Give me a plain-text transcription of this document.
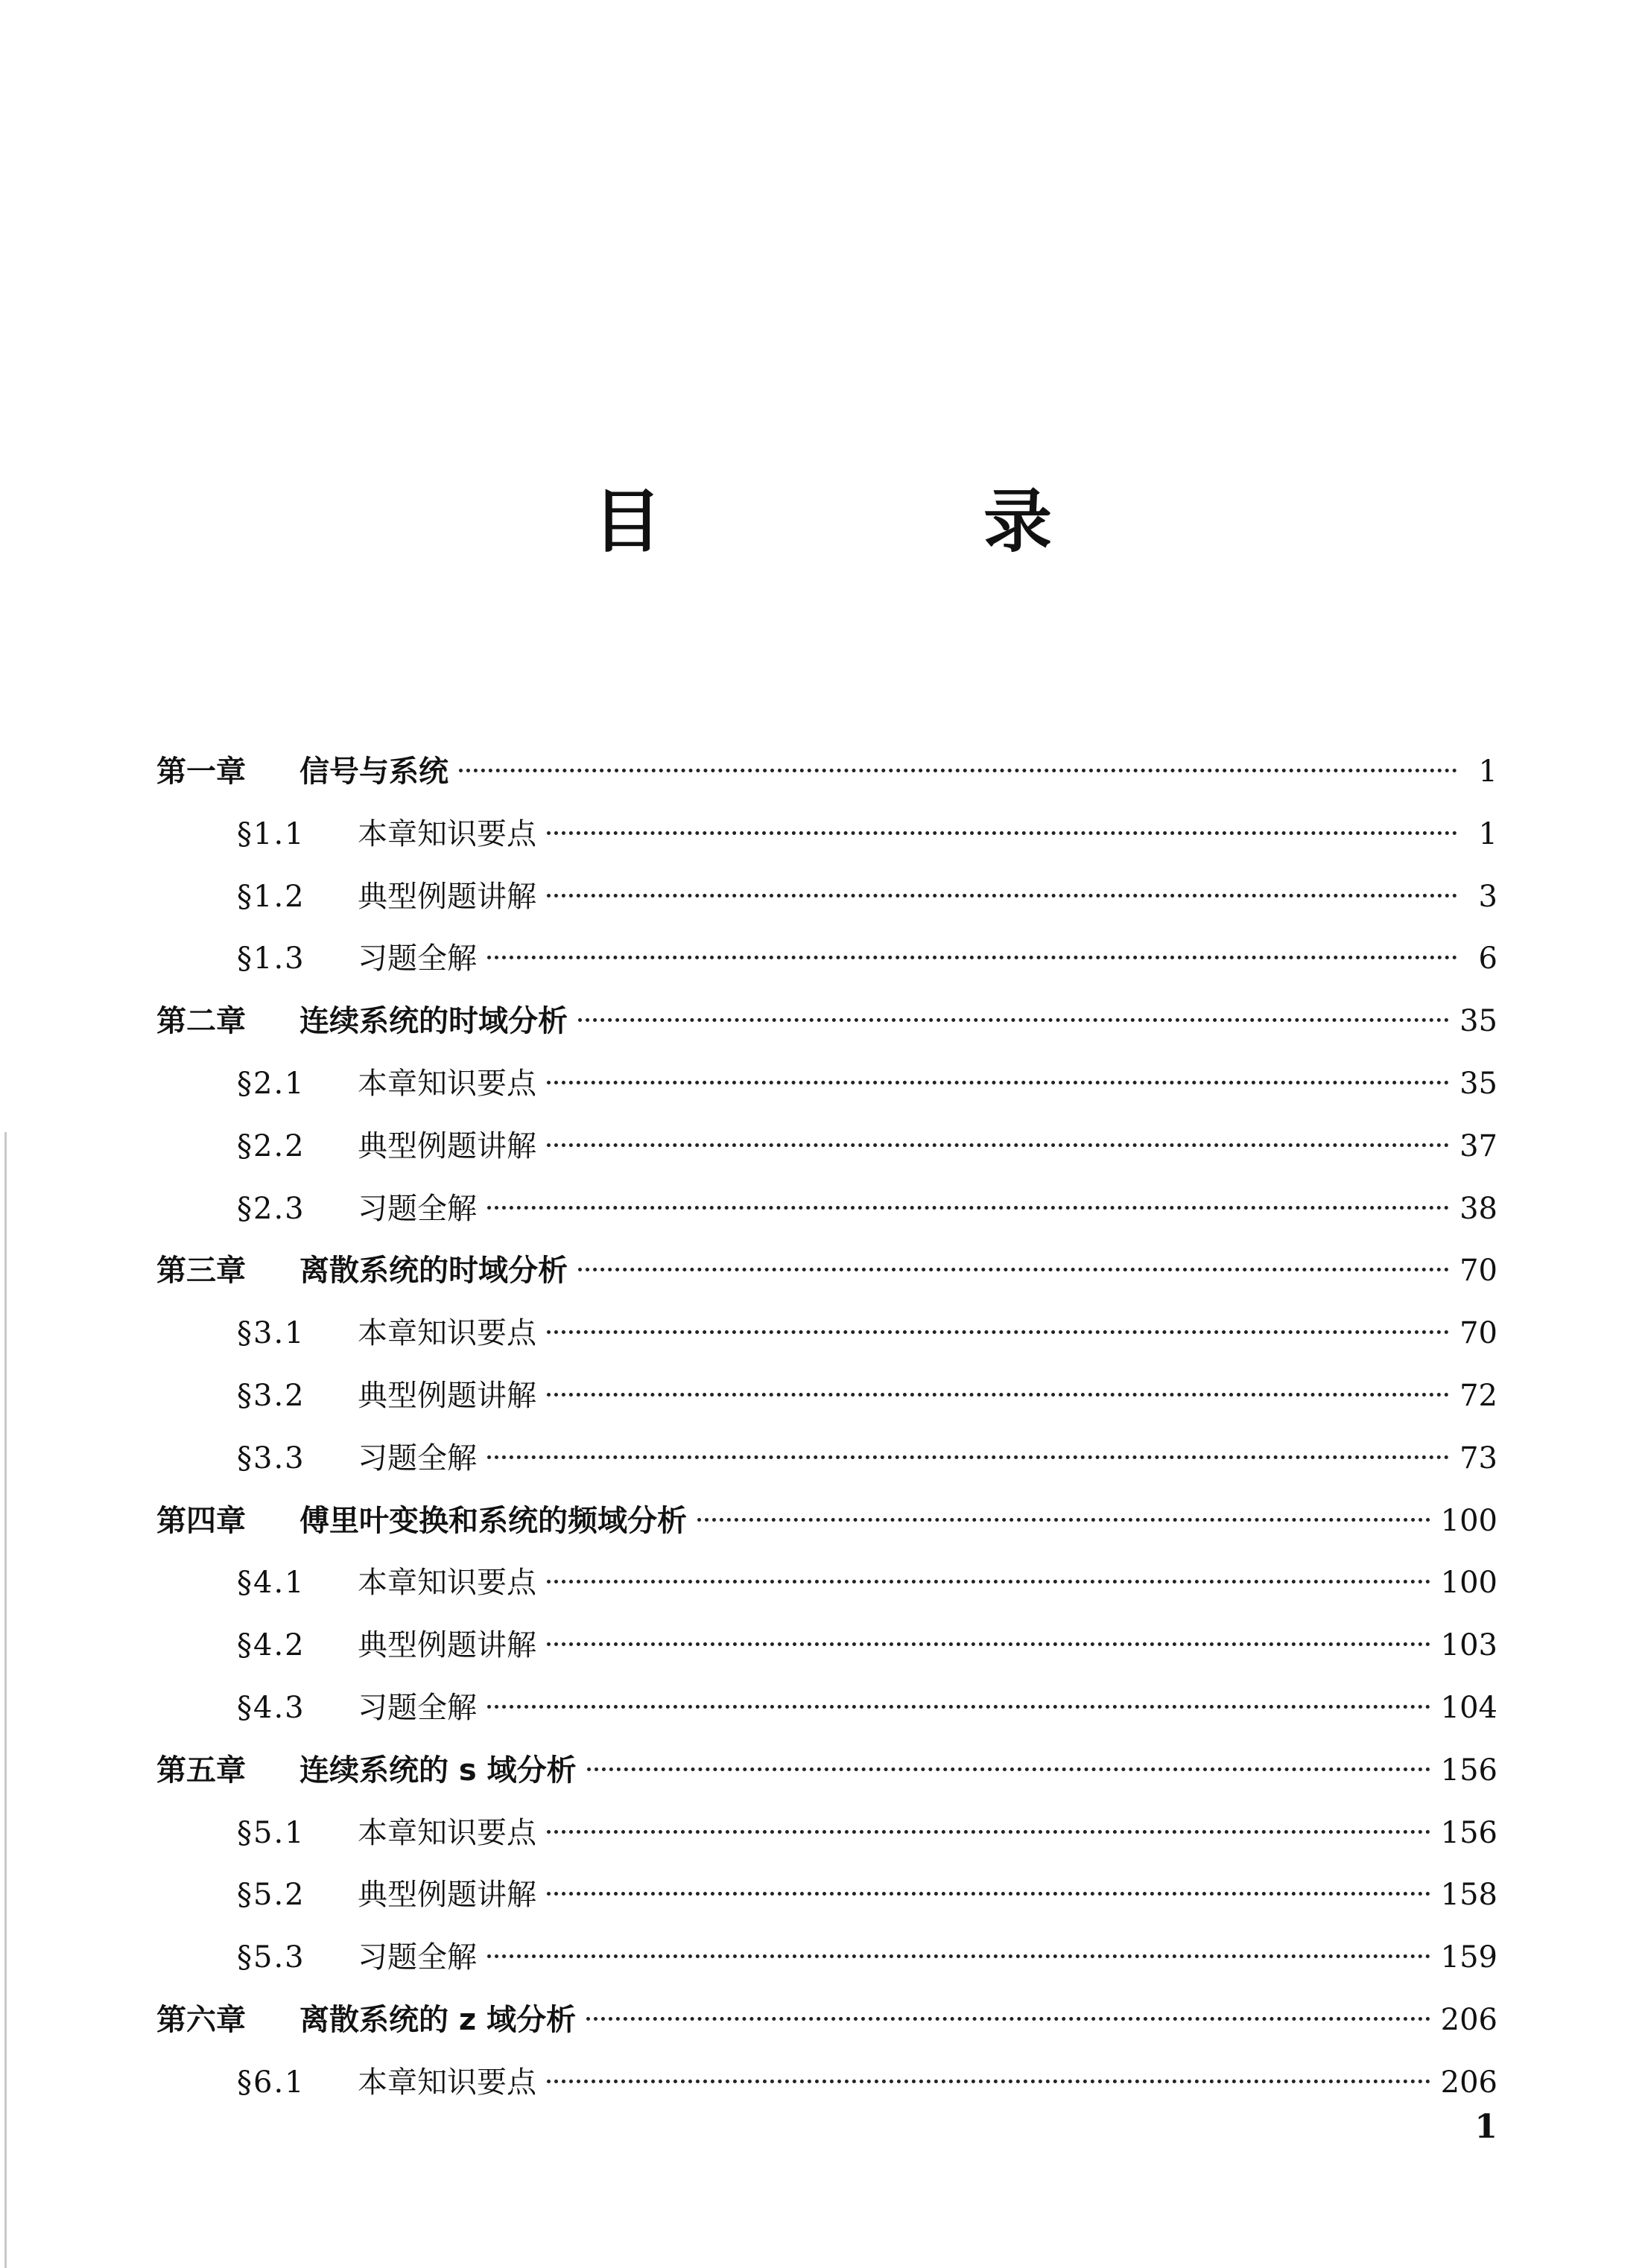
目　录
第一章	信号与系统	1
§1.1	本章知识要点	1
§1.2	典型例题讲解	3
§1.3	习题全解	6
第二章	连续系统的时域分析	35
§2.1	本章知识要点	35
§2.2	典型例题讲解	37
§2.3	习题全解	38
第三章	离散系统的时域分析	70
§3.1	本章知识要点	70
§3.2	典型例题讲解	72
§3.3	习题全解	73
第四章	傅里叶变换和系统的频域分析	100
§4.1	本章知识要点	100
§4.2	典型例题讲解	103
§4.3	习题全解	104
第五章	连续系统的 s 域分析	156
§5.1	本章知识要点	156
§5.2	典型例题讲解	158
§5.3	习题全解	159
第六章	离散系统的 z 域分析	206
§6.1	本章知识要点	206
1
